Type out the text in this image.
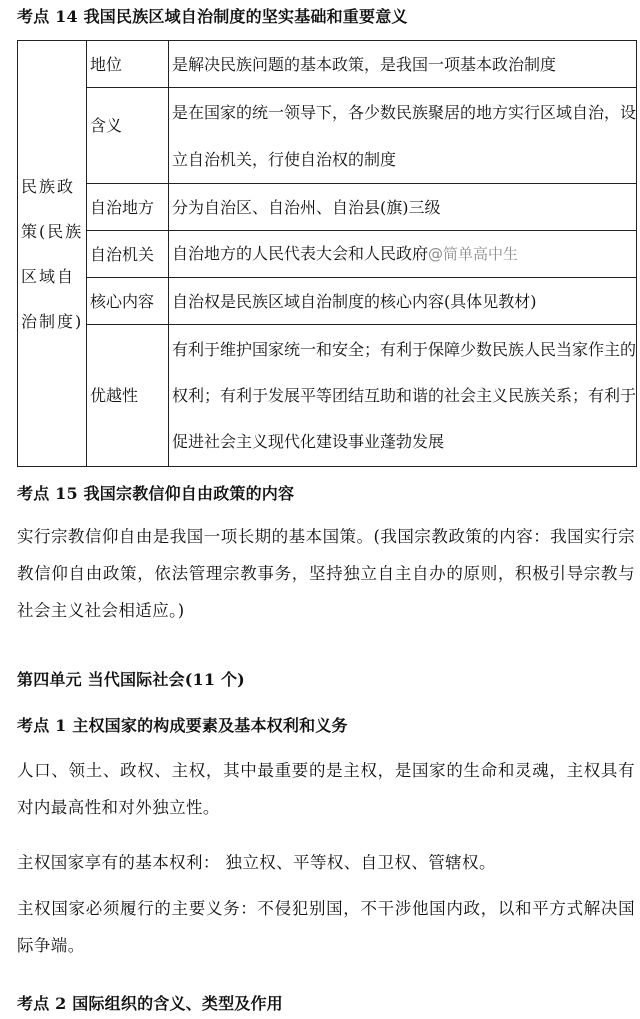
考点 14 我国民族区域自治制度的坚实基础和重要意义
民族政策(民族区域自治制度)	地位	是解决民族问题的基本政策，是我国一项基本政治制度
	含义	是在国家的统一领导下，各少数民族聚居的地方实行区域自治，设立自治机关，行使自治权的制度
	自治地方	分为自治区、自治州、自治县(旗)三级
	自治机关	自治地方的人民代表大会和人民政府@简单高中生
	核心内容	自治权是民族区域自治制度的核心内容(具体见教材)
	优越性	有利于维护国家统一和安全；有利于保障少数民族人民当家作主的权利；有利于发展平等团结互助和谐的社会主义民族关系；有利于促进社会主义现代化建设事业蓬勃发展
考点 15 我国宗教信仰自由政策的内容
实行宗教信仰自由是我国一项长期的基本国策。(我国宗教政策的内容：我国实行宗教信仰自由政策，依法管理宗教事务，坚持独立自主自办的原则，积极引导宗教与社会主义社会相适应。)
第四单元 当代国际社会(11 个)
考点 1 主权国家的构成要素及基本权利和义务
人口、领土、政权、主权，其中最重要的是主权，是国家的生命和灵魂，主权具有对内最高性和对外独立性。
主权国家享有的基本权利： 独立权、平等权、自卫权、管辖权。
主权国家必须履行的主要义务：不侵犯别国，不干涉他国内政，以和平方式解决国际争端。
考点 2 国际组织的含义、类型及作用
